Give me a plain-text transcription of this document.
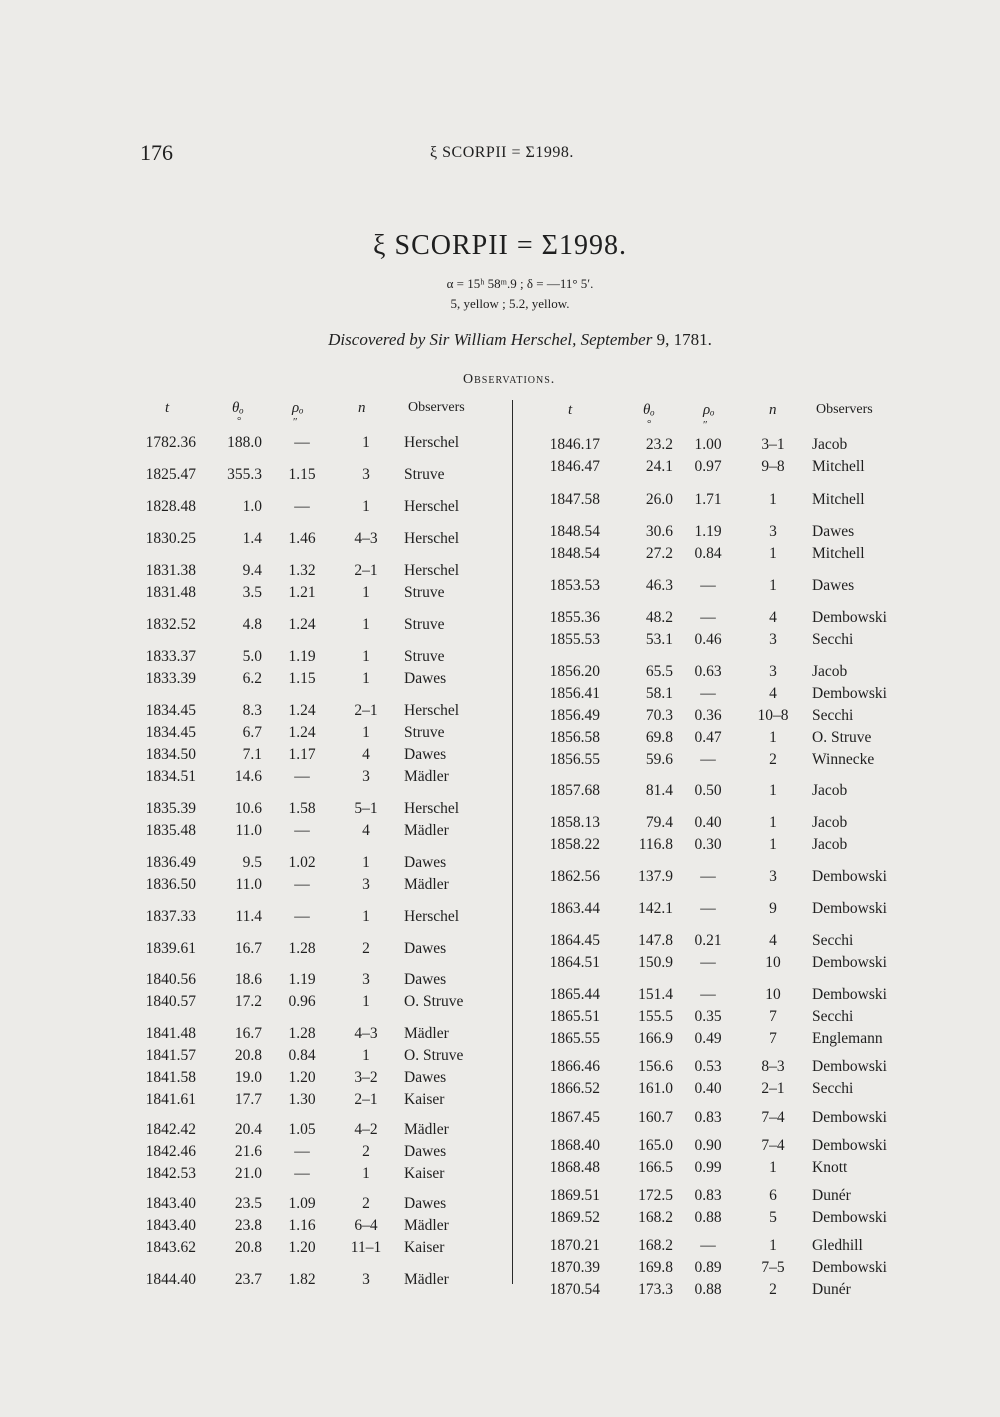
176	ξ SCORPII = Σ1998.
ξ SCORPII = Σ1998.
α = 15ʰ 58ᵐ.9 ; δ = —11° 5′.
5, yellow ; 5.2, yellow.
Discovered by Sir William Herschel, September 9, 1781.
Observations.
t	θₒ	ρₒ	n	Observers
°	″
t	θₒ	ρₒ	n	Observers
°	″
1782.36	188.0	—	1	Herschel
1825.47	355.3	1.15	3	Struve
1828.48	1.0	—	1	Herschel
1830.25	1.4	1.46	4–3	Herschel
1831.38	9.4	1.32	2–1	Herschel
1831.48	3.5	1.21	1	Struve
1832.52	4.8	1.24	1	Struve
1833.37	5.0	1.19	1	Struve
1833.39	6.2	1.15	1	Dawes
1834.45	8.3	1.24	2–1	Herschel
1834.45	6.7	1.24	1	Struve
1834.50	7.1	1.17	4	Dawes
1834.51	14.6	—	3	Mädler
1835.39	10.6	1.58	5–1	Herschel
1835.48	11.0	—	4	Mädler
1836.49	9.5	1.02	1	Dawes
1836.50	11.0	—	3	Mädler
1837.33	11.4	—	1	Herschel
1839.61	16.7	1.28	2	Dawes
1840.56	18.6	1.19	3	Dawes
1840.57	17.2	0.96	1	O. Struve
1841.48	16.7	1.28	4–3	Mädler
1841.57	20.8	0.84	1	O. Struve
1841.58	19.0	1.20	3–2	Dawes
1841.61	17.7	1.30	2–1	Kaiser
1842.42	20.4	1.05	4–2	Mädler
1842.46	21.6	—	2	Dawes
1842.53	21.0	—	1	Kaiser
1843.40	23.5	1.09	2	Dawes
1843.40	23.8	1.16	6–4	Mädler
1843.62	20.8	1.20	11–1	Kaiser
1844.40	23.7	1.82	3	Mädler
1846.17	23.2	1.00	3–1	Jacob
1846.47	24.1	0.97	9–8	Mitchell
1847.58	26.0	1.71	1	Mitchell
1848.54	30.6	1.19	3	Dawes
1848.54	27.2	0.84	1	Mitchell
1853.53	46.3	—	1	Dawes
1855.36	48.2	—	4	Dembowski
1855.53	53.1	0.46	3	Secchi
1856.20	65.5	0.63	3	Jacob
1856.41	58.1	—	4	Dembowski
1856.49	70.3	0.36	10–8	Secchi
1856.58	69.8	0.47	1	O. Struve
1856.55	59.6	—	2	Winnecke
1857.68	81.4	0.50	1	Jacob
1858.13	79.4	0.40	1	Jacob
1858.22	116.8	0.30	1	Jacob
1862.56	137.9	—	3	Dembowski
1863.44	142.1	—	9	Dembowski
1864.45	147.8	0.21	4	Secchi
1864.51	150.9	—	10	Dembowski
1865.44	151.4	—	10	Dembowski
1865.51	155.5	0.35	7	Secchi
1865.55	166.9	0.49	7	Englemann
1866.46	156.6	0.53	8–3	Dembowski
1866.52	161.0	0.40	2–1	Secchi
1867.45	160.7	0.83	7–4	Dembowski
1868.40	165.0	0.90	7–4	Dembowski
1868.48	166.5	0.99	1	Knott
1869.51	172.5	0.83	6	Dunér
1869.52	168.2	0.88	5	Dembowski
1870.21	168.2	—	1	Gledhill
1870.39	169.8	0.89	7–5	Dembowski
1870.54	173.3	0.88	2	Dunér
